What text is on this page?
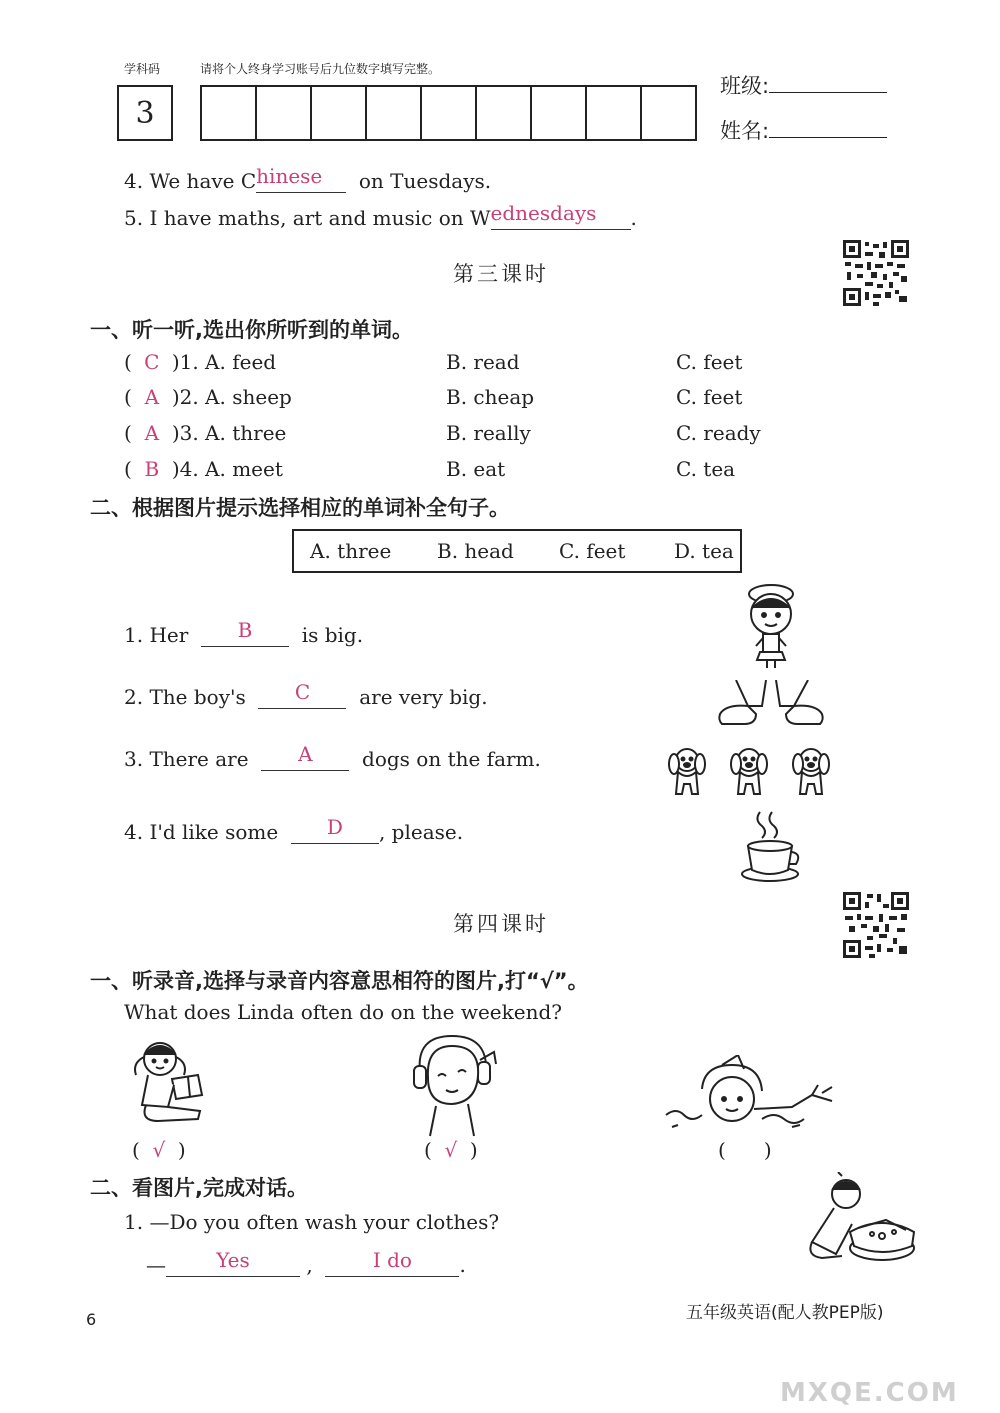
学科码	请将个人终身学习账号后九位数字填写完整。
3
班级:
姓名:
4. We have Chinese on Tuesdays.
5. I have maths, art and music on Wednesdays .
第三课时
一、听一听,选出你所听到的单词。
( C )1. A. feed	B. read	C. feet
( A )2. A. sheep	B. cheap	C. feet
( A )3. A. three	B. really	C. ready
( B )4. A. meet	B. eat	C. tea
二、根据图片提示选择相应的单词补全句子。
A. three B. head C. feet D. tea
1. Her B is big.
2. The boy's C are very big.
3. There are A dogs on the farm.
4. I'd like some D , please.
第四课时
一、听录音,选择与录音内容意思相符的图片,打“√”。
What does Linda often do on the weekend?
( √ )	( √ )	( )
二、看图片,完成对话。
1. —Do you often wash your clothes?
—	Yes	,	I do .
6	五年级英语(配人教PEP版)
MXQE.COM
